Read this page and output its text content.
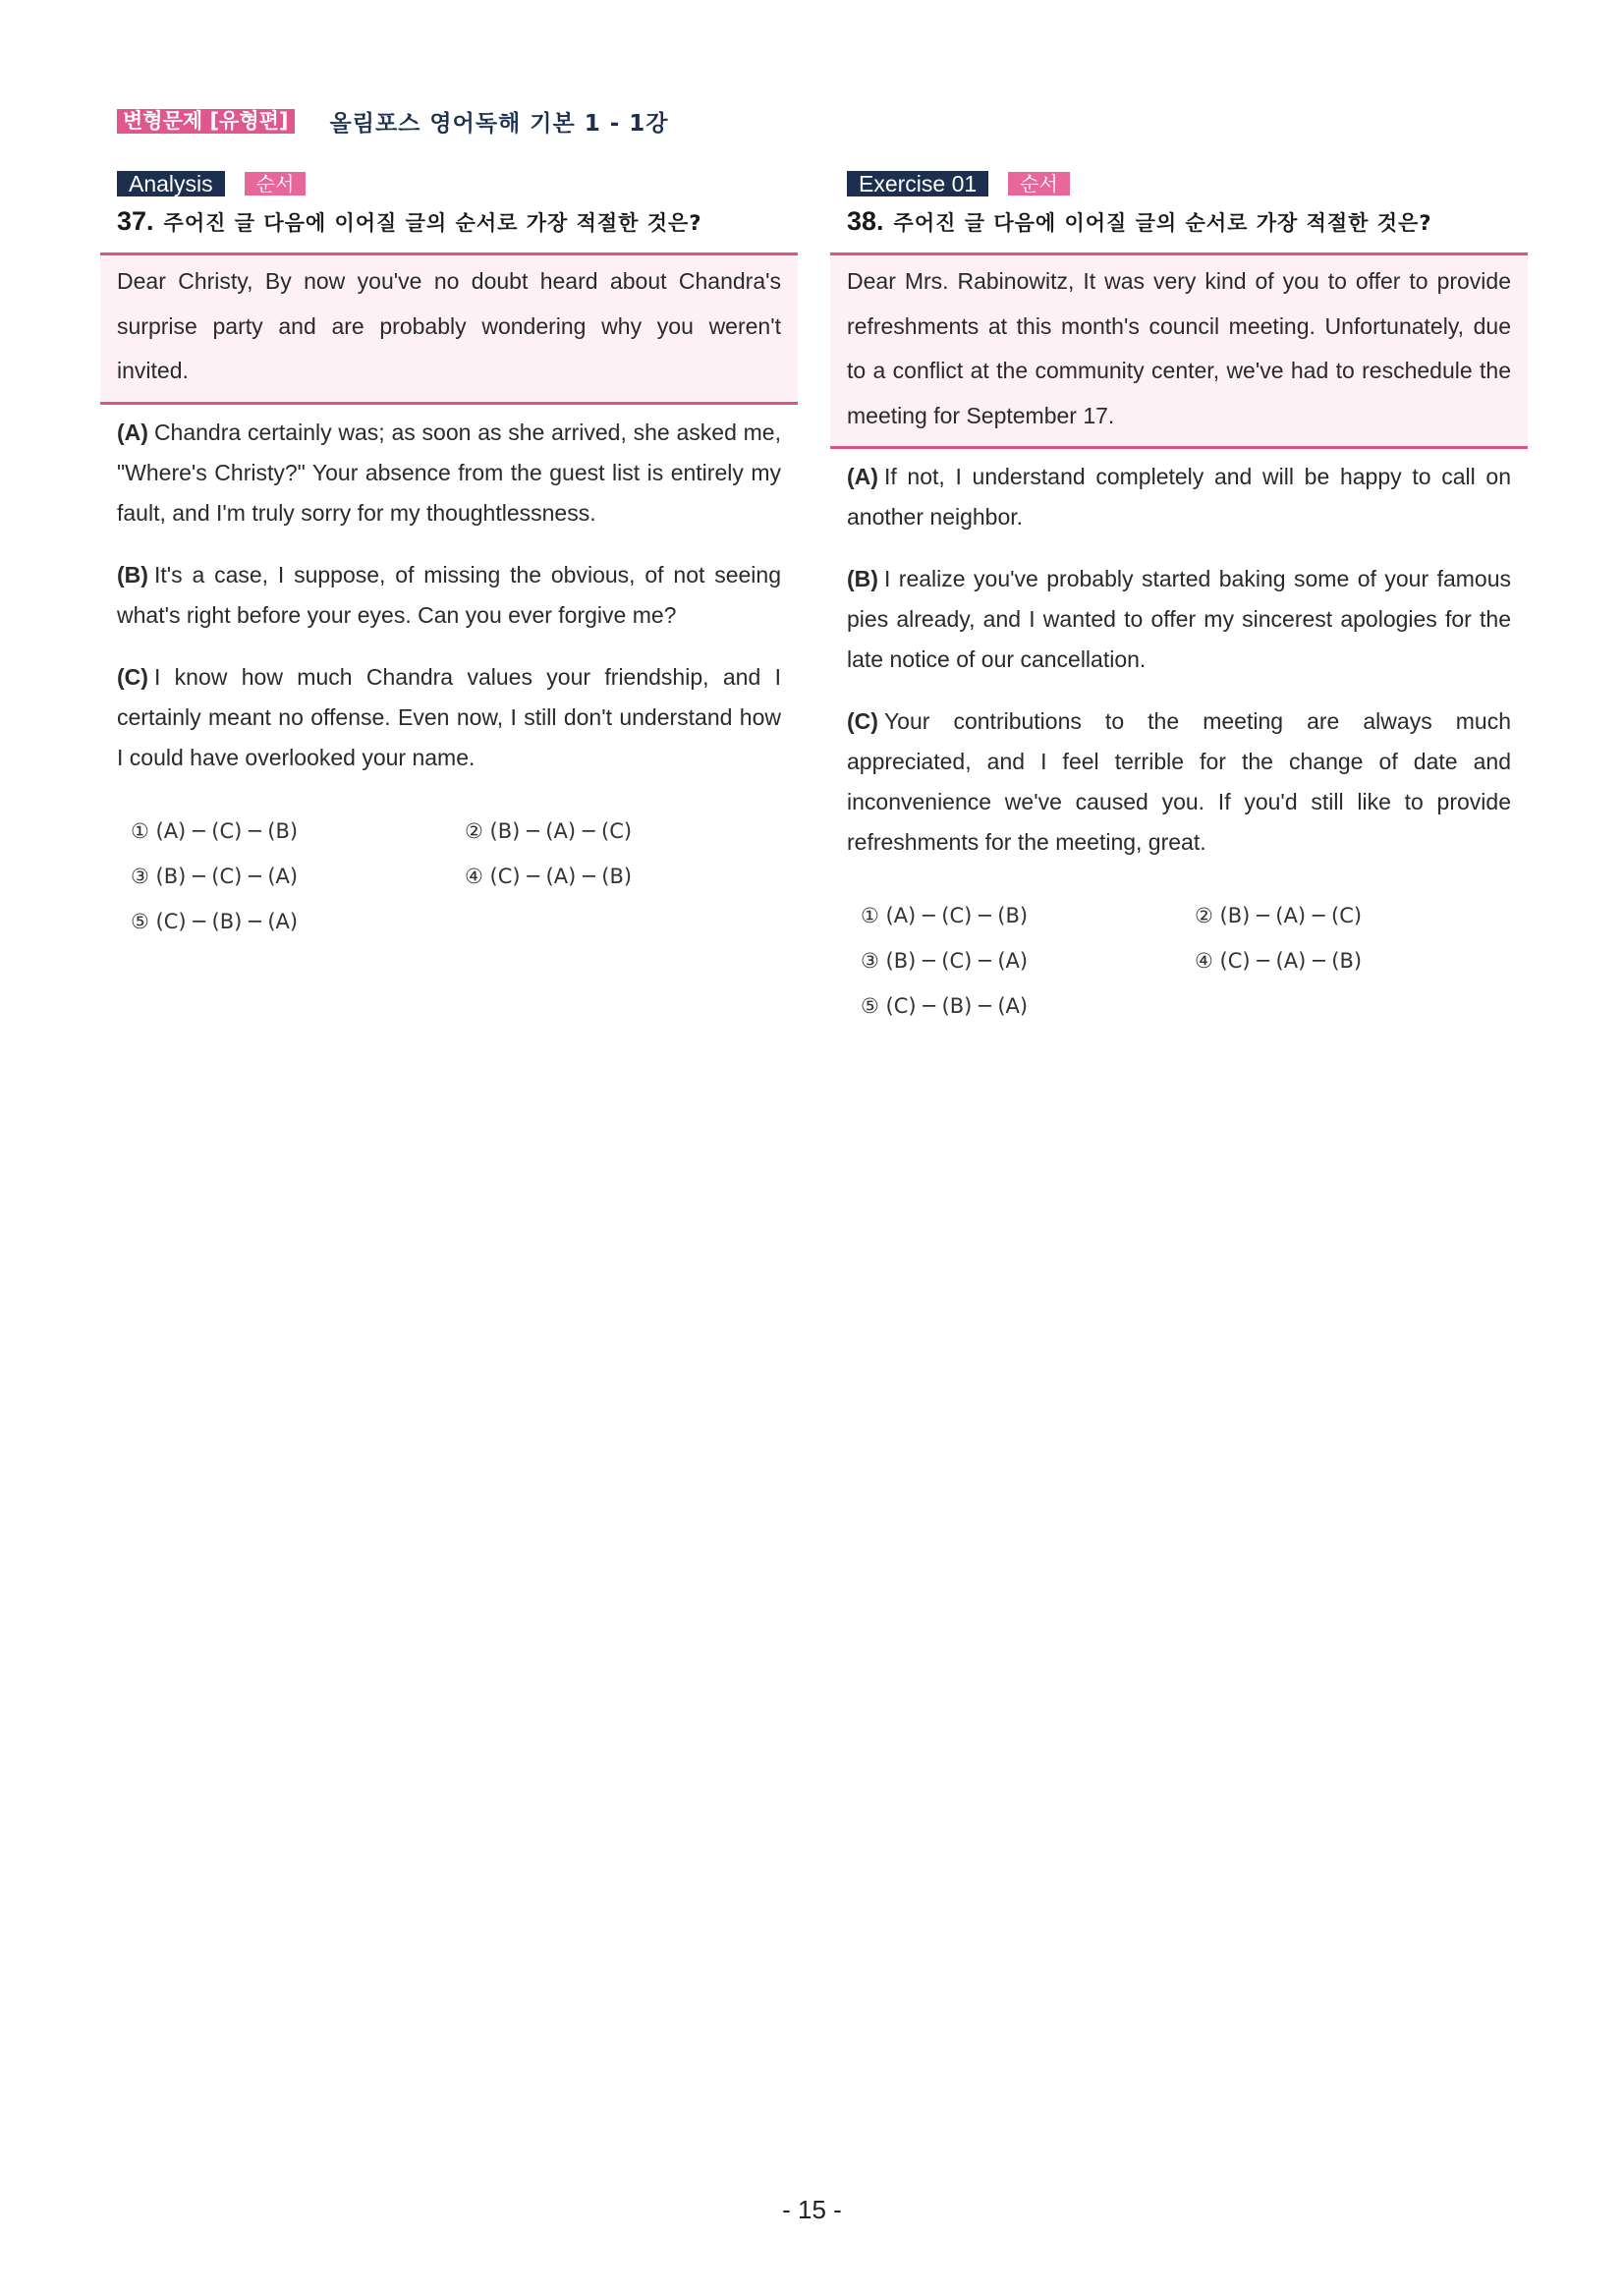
변형문제 [유형편] 올림포스 영어독해 기본 1 - 1강
Analysis	순서
37. 주어진 글 다음에 이어질 글의 순서로 가장 적절한 것은?
Dear Christy, By now you've no doubt heard about Chandra's surprise party and are probably wondering why you weren't invited.
(A) Chandra certainly was; as soon as she arrived, she asked me, "Where's Christy?" Your absence from the guest list is entirely my fault, and I'm truly sorry for my thoughtlessness.
(B) It's a case, I suppose, of missing the obvious, of not seeing what's right before your eyes. Can you ever forgive me?
(C) I know how much Chandra values your friendship, and I certainly meant no offense. Even now, I still don't understand how I could have overlooked your name.
① (A) ─ (C) ─ (B)	② (B) ─ (A) ─ (C)
③ (B) ─ (C) ─ (A)	④ (C) ─ (A) ─ (B)
⑤ (C) ─ (B) ─ (A)
Exercise 01	순서
38. 주어진 글 다음에 이어질 글의 순서로 가장 적절한 것은?
Dear Mrs. Rabinowitz, It was very kind of you to offer to provide refreshments at this month's council meeting. Unfortunately, due to a conflict at the community center, we've had to reschedule the meeting for September 17.
(A) If not, I understand completely and will be happy to call on another neighbor.
(B) I realize you've probably started baking some of your famous pies already, and I wanted to offer my sincerest apologies for the late notice of our cancellation.
(C) Your contributions to the meeting are always much appreciated, and I feel terrible for the change of date and inconvenience we've caused you. If you'd still like to provide refreshments for the meeting, great.
① (A) ─ (C) ─ (B)	② (B) ─ (A) ─ (C)
③ (B) ─ (C) ─ (A)	④ (C) ─ (A) ─ (B)
⑤ (C) ─ (B) ─ (A)
- 15 -
